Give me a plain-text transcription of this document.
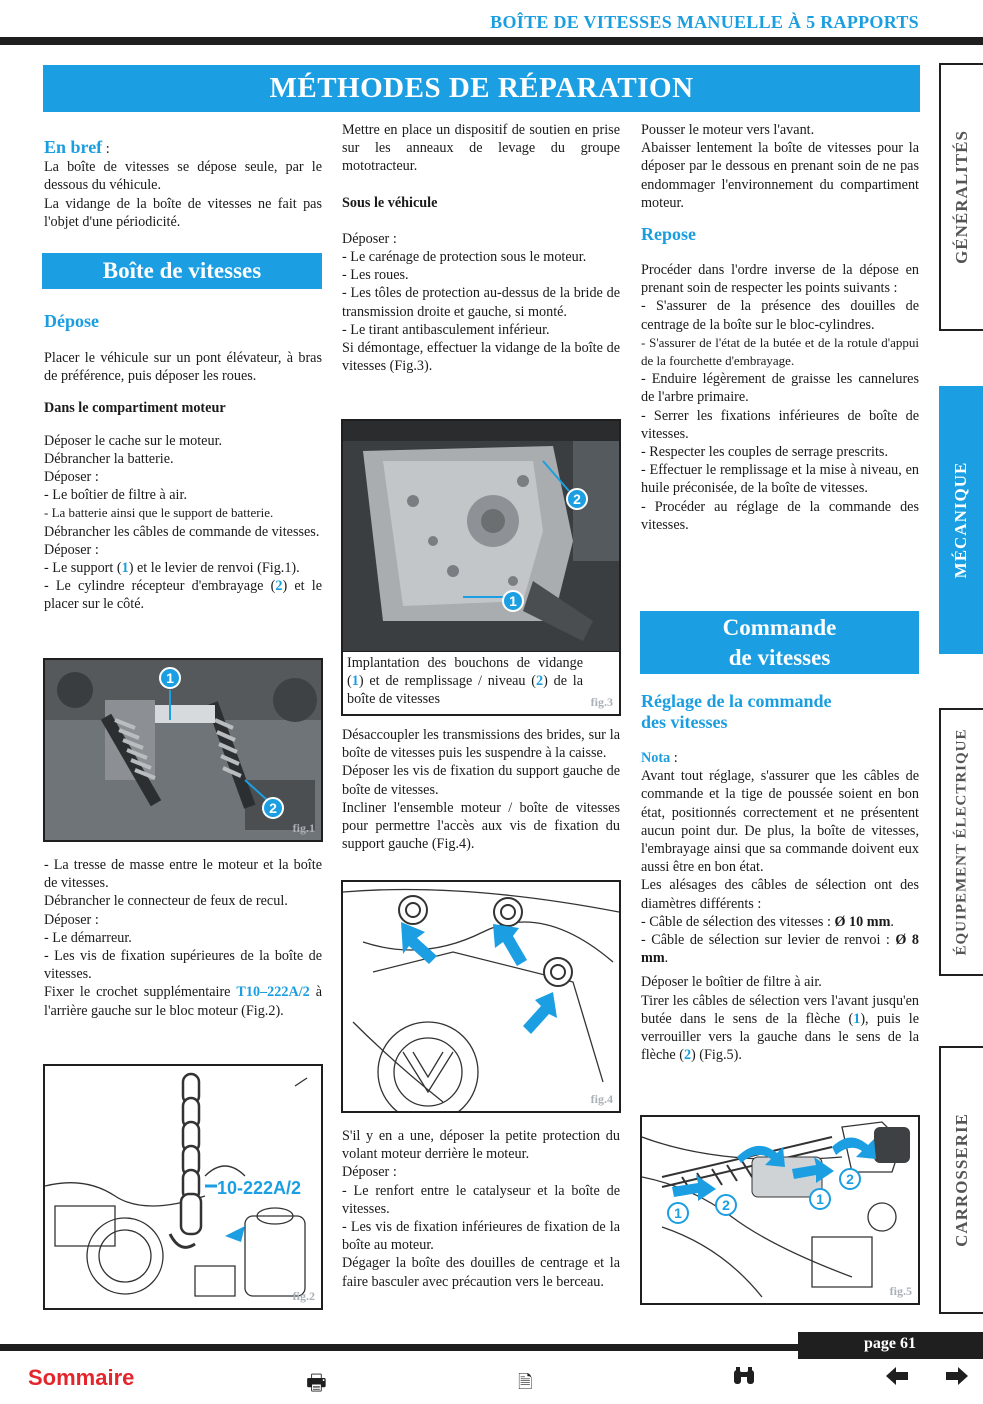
BOÎTE DE VITESSES MANUELLE À 5 RAPPORTS
MÉTHODES DE RÉPARATION
GÉNÉRALITÉS
MÉCANIQUE
ÉQUIPEMENT ÉLECTRIQUE
CARROSSERIE

En bref :

La boîte de vitesses se dépose seule, par le dessous du véhicule.

La vidange de la boîte de vitesses ne fait pas l'objet d'une périodicité.

Boîte de vitesses

Dépose

Placer le véhicule sur un pont élévateur, à bras de préférence, puis déposer les roues.

Dans le compartiment moteur

Déposer le cache sur le moteur.

Débrancher la batterie.

Déposer :

- Le boîtier de filtre à air.

- La batterie ainsi que le support de batterie.

Débrancher les câbles de commande de vitesses.

Déposer :

- Le support (1) et le levier de renvoi (Fig.1).

- Le cylindre récepteur d'embrayage (2) et le placer sur le côté.

1
2
fig.1

- La tresse de masse entre le moteur et la boîte de vitesses.

Débrancher le connecteur de feux de recul.

Déposer :

- Le démarreur.

- Les vis de fixation supérieures de la boîte de vitesses.

Fixer le crochet supplémentaire T10–222A/2 à l'arrière gauche sur le bloc moteur (Fig.2).

10-222A/2
fig.2

Mettre en place un dispositif de soutien en prise sur les anneaux de levage du groupe mototracteur.

Sous le véhicule

Déposer :

- Le carénage de protection sous le moteur.

- Les roues.

- Les tôles de protection au-dessus de la bride de transmission droite et gauche, si monté.

- Le tirant antibasculement inférieur.

Si démontage, effectuer la vidange de la boîte de vitesses (Fig.3).

2
1
Implantation des bouchons de vidange (1) et de remplissage / niveau (2) de la boîte de vitesses	fig.3

Désaccoupler les transmissions des brides, sur la boîte de vitesses puis les suspendre à la caisse.

Déposer les vis de fixation du support gauche de boîte de vitesses.

Incliner l'ensemble moteur / boîte de vitesses pour permettre l'accès aux vis de fixation du support gauche (Fig.4).

fig.4

S'il y en a une, déposer la petite protection du volant moteur derrière le moteur.

Déposer :

- Le renfort entre le catalyseur et la boîte de vitesses.

- Les vis de fixation inférieures de fixation de la boîte au moteur.

Dégager la boîte des douilles de centrage et la faire basculer avec précaution vers le berceau.

Pousser le moteur vers l'avant.

Abaisser lentement la boîte de vitesses pour la déposer par le dessous en prenant soin de ne pas endommager l'environnement du compartiment moteur.

Repose

Procéder dans l'ordre inverse de la dépose en prenant soin de respecter les points suivants :

- S'assurer de la présence des douilles de centrage de la boîte sur le bloc-cylindres.

- S'assurer de l'état de la butée et de la rotule d'appui de la fourchette d'embrayage.

- Enduire légèrement de graisse les cannelures de l'arbre primaire.

- Serrer les fixations inférieures de boîte de vitesses.

- Respecter les couples de serrage prescrits.

- Effectuer le remplissage et la mise à niveau, en huile préconisée, de la boîte de vitesses.

- Procéder au réglage de la commande des vitesses.

Commande
de vitesses

Réglage de la commande
des vitesses

Nota :

Avant tout réglage, s'assurer que les câbles de commande et la tige de poussée soient en bon état, positionnés correctement et ne présentent aucun point dur. De plus, la boîte de vitesses, l'embrayage ainsi que sa commande doivent eux aussi être en bon état.

Les alésages des câbles de sélection ont des diamètres différents :

- Câble de sélection des vitesses : Ø 10 mm.

- Câble de sélection sur levier de renvoi : Ø 8 mm.

Déposer le boîtier de filtre à air.

Tirer les câbles de sélection vers l'avant jusqu'en butée dans le sens de la flèche (1), puis le verrouiller vers la gauche dans le sens de la flèche (2) (Fig.5).

1	2	1
2
fig.5
page 61
Sommaire	🖶	🗎
